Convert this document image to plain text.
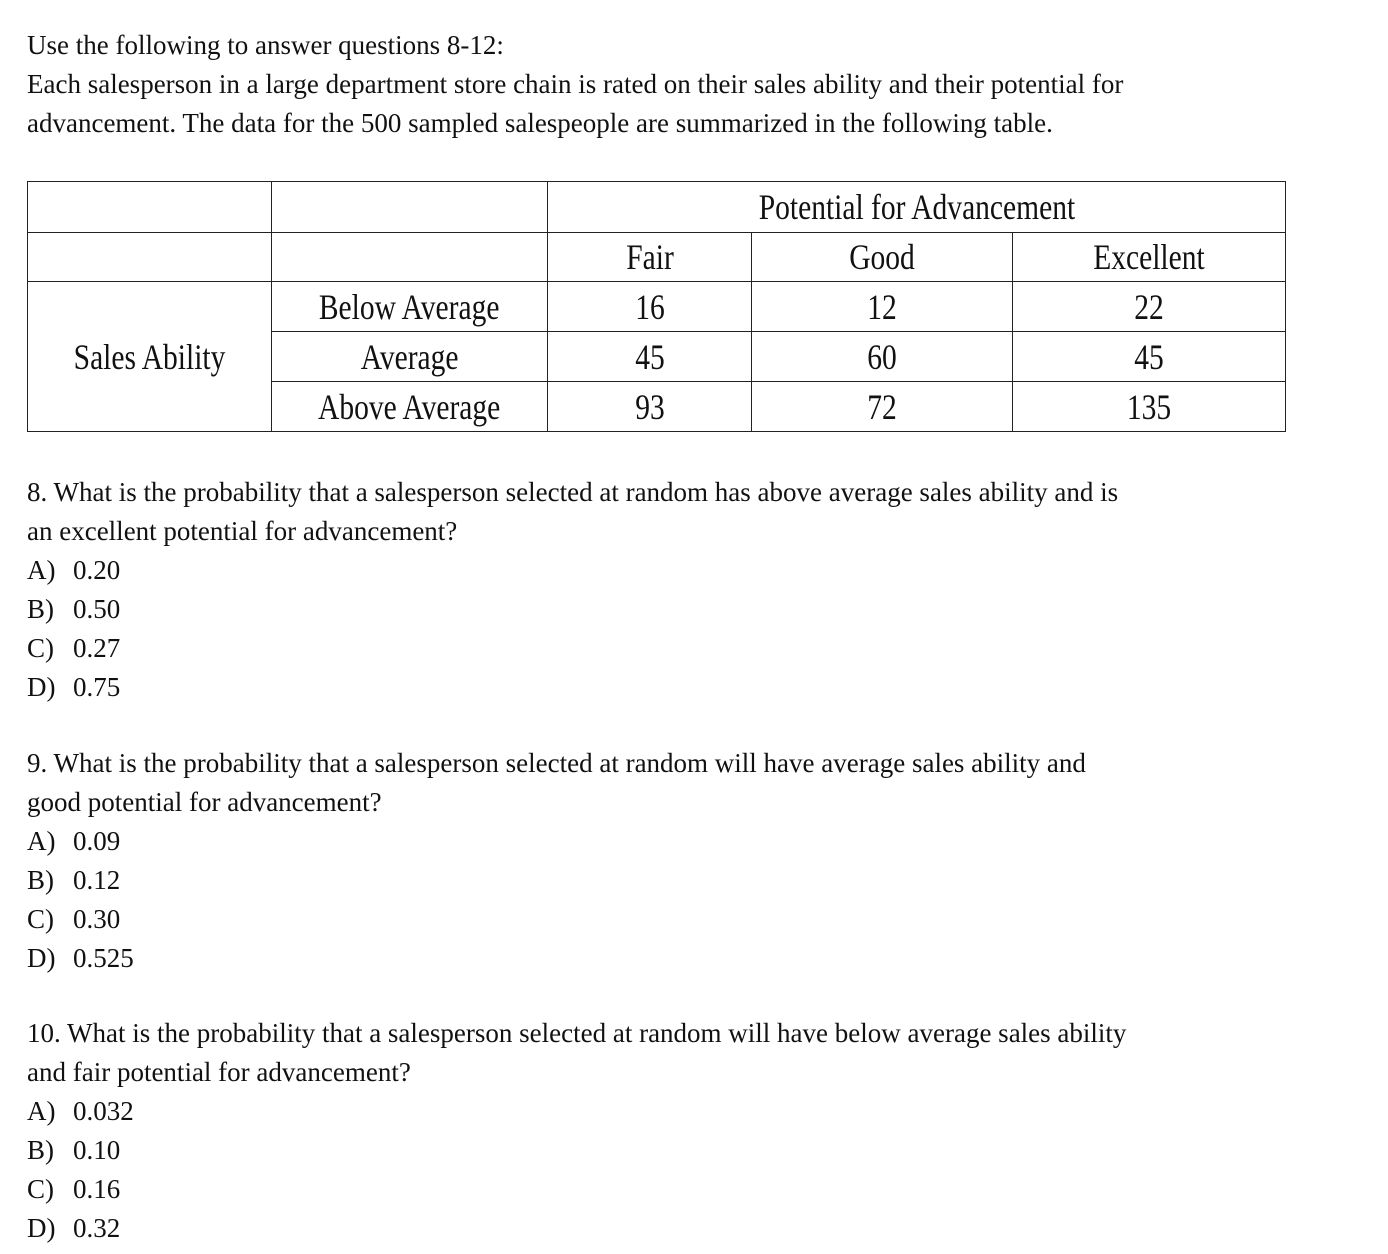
Use the following to answer questions 8-12:

Each salesperson in a large department store chain is rated on their sales ability and their potential for

advancement. The data for the 500 sampled salespeople are summarized in the following table.

		Potential for Advancement		
		Fair	Good	Excellent
Sales Ability	Below Average	16	12	22
	Average	45	60	45
	Above Average	93	72	135

8. What is the probability that a salesperson selected at random has above average sales ability and is

an excellent potential for advancement?

A) 0.20

B) 0.50

C) 0.27

D) 0.75

9. What is the probability that a salesperson selected at random will have average sales ability and

good potential for advancement?

A) 0.09

B) 0.12

C) 0.30

D) 0.525

10. What is the probability that a salesperson selected at random will have below average sales ability

and fair potential for advancement?

A) 0.032

B) 0.10

C) 0.16

D) 0.32
